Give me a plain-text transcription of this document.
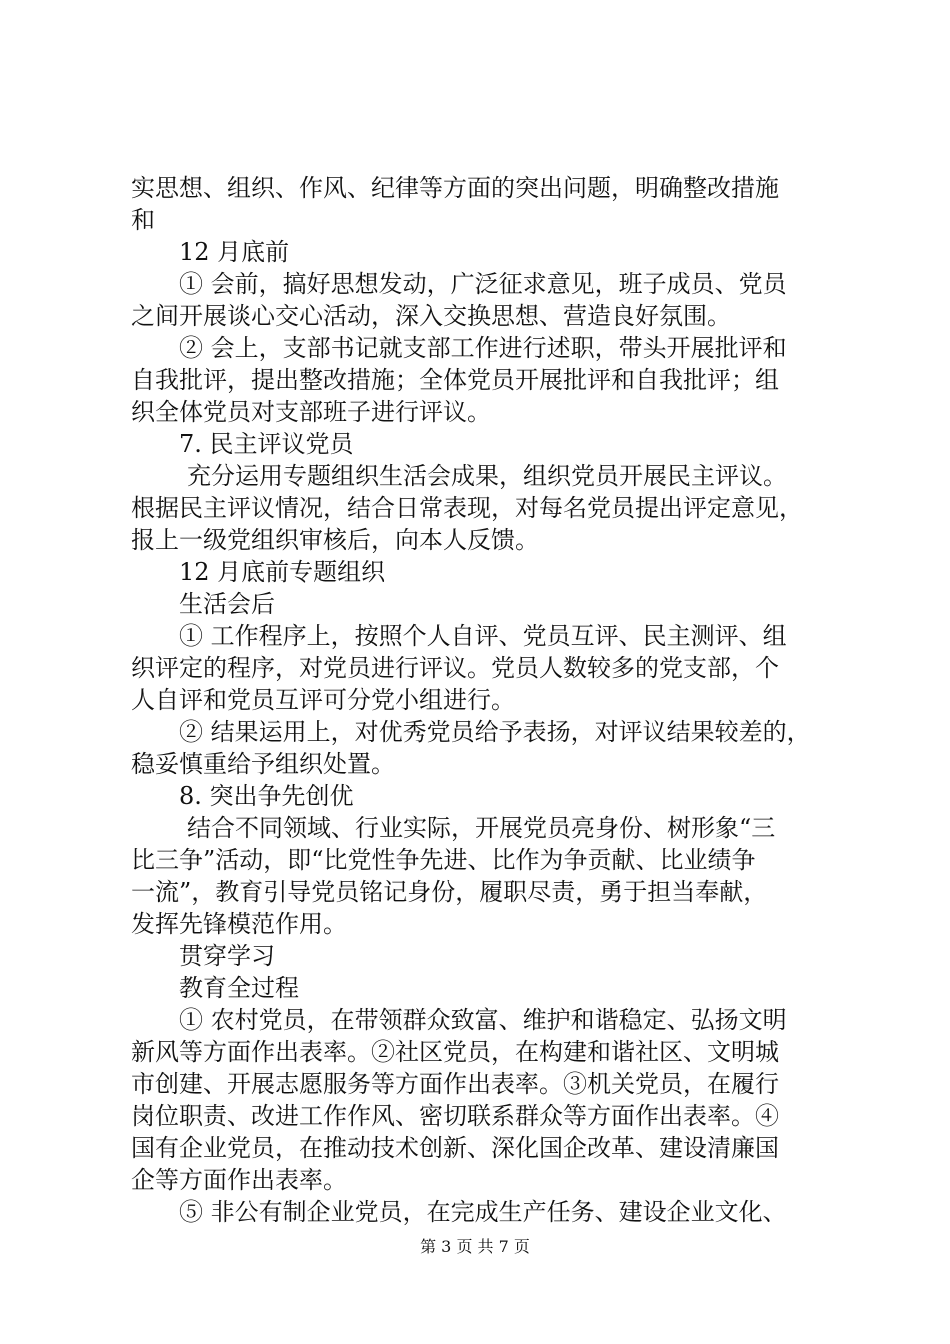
实思想、组织、作风、纪律等方面的突出问题，明确整改措施
和
12 月底前
① 会前，搞好思想发动，广泛征求意见，班子成员、党员
之间开展谈心交心活动，深入交换思想、营造良好氛围。
② 会上，支部书记就支部工作进行述职，带头开展批评和
自我批评，提出整改措施；全体党员开展批评和自我批评；组
织全体党员对支部班子进行评议。
7. 民主评议党员
充分运用专题组织生活会成果，组织党员开展民主评议。
根据民主评议情况，结合日常表现，对每名党员提出评定意见，
报上一级党组织审核后，向本人反馈。
12 月底前专题组织
生活会后
① 工作程序上，按照个人自评、党员互评、民主测评、组
织评定的程序，对党员进行评议。党员人数较多的党支部，个
人自评和党员互评可分党小组进行。
② 结果运用上，对优秀党员给予表扬，对评议结果较差的，
稳妥慎重给予组织处置。
8. 突出争先创优
结合不同领域、行业实际，开展党员亮身份、树形象“三
比三争”活动，即“比党性争先进、比作为争贡献、比业绩争
一流”，教育引导党员铭记身份，履职尽责，勇于担当奉献，
发挥先锋模范作用。
贯穿学习
教育全过程
① 农村党员，在带领群众致富、维护和谐稳定、弘扬文明
新风等方面作出表率。②社区党员，在构建和谐社区、文明城
市创建、开展志愿服务等方面作出表率。③机关党员，在履行
岗位职责、改进工作作风、密切联系群众等方面作出表率。④
国有企业党员，在推动技术创新、深化国企改革、建设清廉国
企等方面作出表率。
⑤ 非公有制企业党员，在完成生产任务、建设企业文化、
第 3 页 共 7 页
